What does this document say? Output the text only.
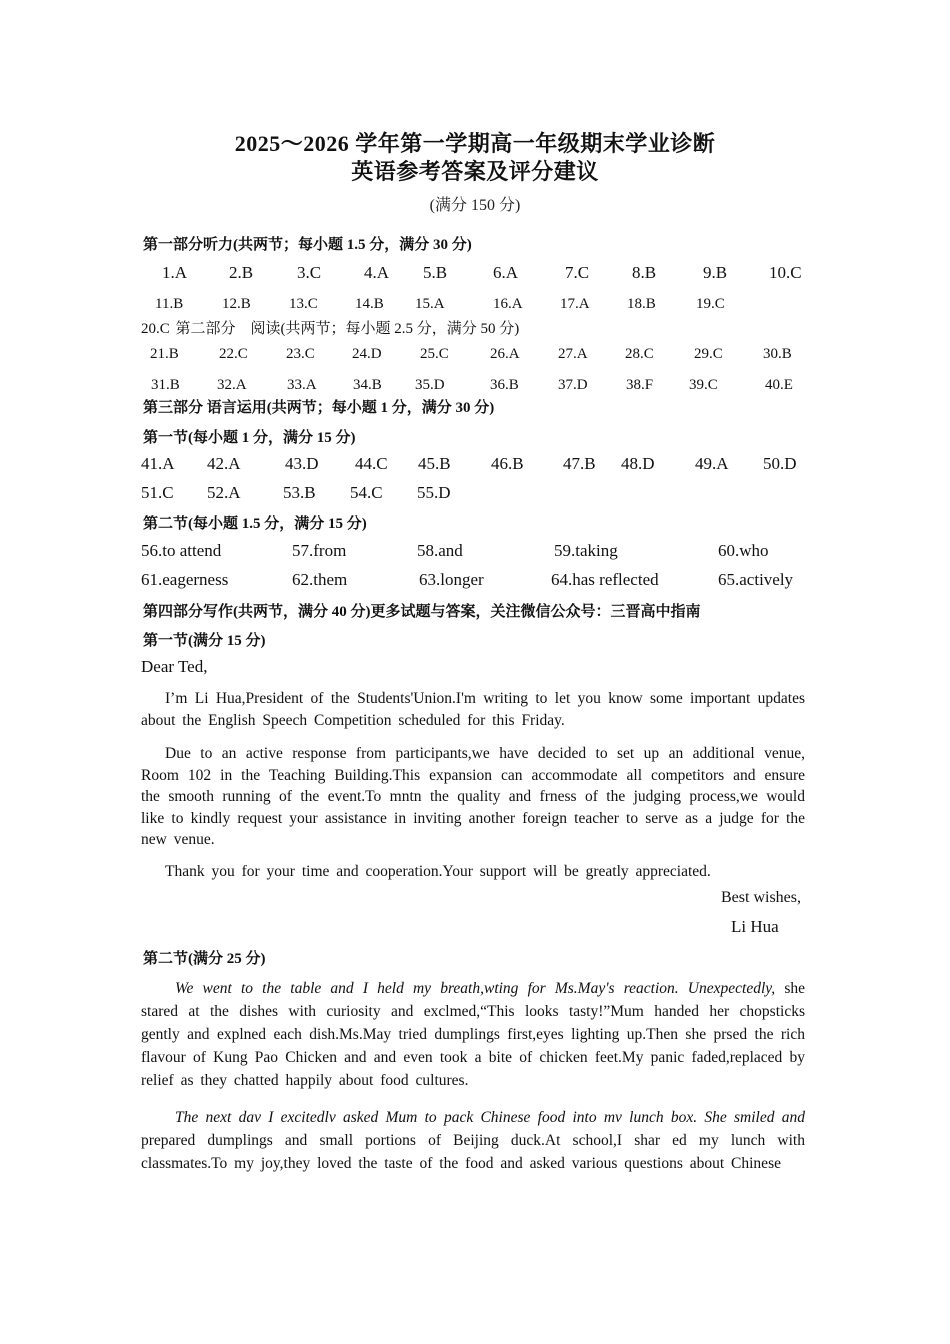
2025～2026 学年第一学期高一年级期末学业诊断
英语参考答案及评分建议
(满分 150 分)
第一部分听力(共两节；每小题 1.5 分，满分 30 分)
1.A 2.B	3.C	4.A 5.B	6.A	7.C	8.B	9.B 10.C
11.B	12.B	13.C 14.B 15.A	16.A 17.A 18.B	19.C
20.C 第二部分　阅读(共两节；每小题 2.5 分，满分 50 分)
21.B	22.C	23.C 24.D	25.C	26.A	27.A 28.C	29.C	30.B
31.B 32.A	33.A 34.B 35.D	36.B	37.D	38.F 39.C	40.E
第三部分 语言运用(共两节；每小题 1 分，满分 30 分)
第一节(每小题 1 分，满分 15 分)
41.A 42.A	43.D 44.C 45.B 46.B 47.B 48.D 49.A 50.D
51.C 52.A 53.B 54.C 55.D
第二节(每小题 1.5 分，满分 15 分)
56.to attend	57.from	58.and	59.taking	60.who
61.eagerness	62.them	63.longer	64.has reflected	65.actively
第四部分写作(共两节，满分 40 分)更多试题与答案，关注微信公众号：三晋高中指南
第一节(满分 15 分)
Dear Ted,
I’m Li Hua,President of the Students'Union.I'm writing to let you know some important updates about the English Speech Competition scheduled for this Friday.
Due to an active response from participants,we have decided to set up an additional venue, Room 102 in the Teaching Building.This expansion can accommodate all competitors and ensure the smooth running of the event.To mntn the quality and frness of the judging process,we would like to kindly request your assistance in inviting another foreign teacher to serve as a judge for the new venue.
Thank you for your time and cooperation.Your support will be greatly appreciated.
Best wishes,
Li Hua
第二节(满分 25 分)
We went to the table and I held my breath,wting for Ms.May's reaction. Unexpectedly, she stared at the dishes with curiosity and exclmed,“This looks tasty!”Mum handed her chopsticks gently and explned each dish.Ms.May tried dumplings first,eyes lighting up.Then she prsed the rich flavour of Kung Pao Chicken and and even took a bite of chicken feet.My panic faded,replaced by relief as they chatted happily about food cultures.
The next dav I excitedlv asked Mum to pack Chinese food into mv lunch box. She smiled and prepared dumplings and small portions of Beijing duck.At school,I shar ed my lunch with classmates.To my joy,they loved the taste of the food and asked various questions about Chinese
